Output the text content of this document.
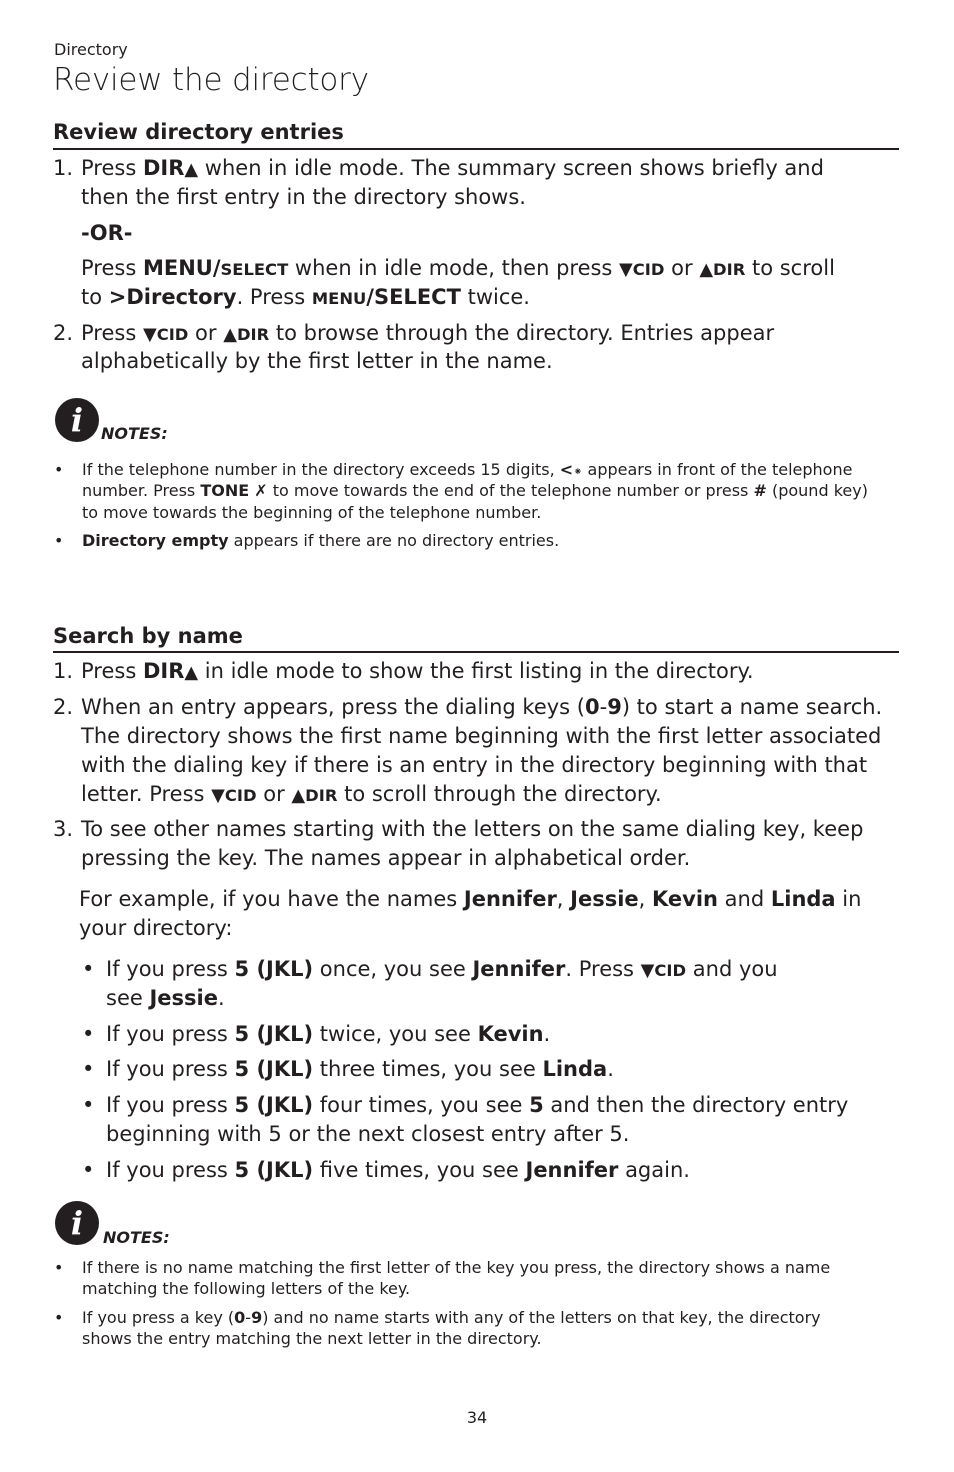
Directory
Review the directory
Review directory entries
1. Press DIR▲ when in idle mode. The summary screen shows briefly and
then the first entry in the directory shows.
-OR-
Press MENU/SELECT when in idle mode, then press ▼CID or ▲DIR to scroll
to >Directory. Press MENU/SELECT twice.
2. Press ▼CID or ▲DIR to browse through the directory. Entries appear
alphabetically by the first letter in the name.
i	NOTES:
• If the telephone number in the directory exceeds 15 digits, <⁕ appears in front of the telephone
number. Press TONE ✗ to move towards the end of the telephone number or press # (pound key)
to move towards the beginning of the telephone number.
• Directory empty appears if there are no directory entries.
Search by name
1. Press DIR▲ in idle mode to show the first listing in the directory.
2. When an entry appears, press the dialing keys (0-9) to start a name search.
The directory shows the first name beginning with the first letter associated
with the dialing key if there is an entry in the directory beginning with that
letter. Press ▼CID or ▲DIR to scroll through the directory.
3. To see other names starting with the letters on the same dialing key, keep
pressing the key. The names appear in alphabetical order.
For example, if you have the names Jennifer, Jessie, Kevin and Linda in
your directory:
• If you press 5 (JKL) once, you see Jennifer. Press ▼CID and you
see Jessie.
• If you press 5 (JKL) twice, you see Kevin.
• If you press 5 (JKL) three times, you see Linda.
• If you press 5 (JKL) four times, you see 5 and then the directory entry
beginning with 5 or the next closest entry after 5.
• If you press 5 (JKL) five times, you see Jennifer again.
i	NOTES:
• If there is no name matching the first letter of the key you press, the directory shows a name
matching the following letters of the key.
• If you press a key (0-9) and no name starts with any of the letters on that key, the directory
shows the entry matching the next letter in the directory.
34
